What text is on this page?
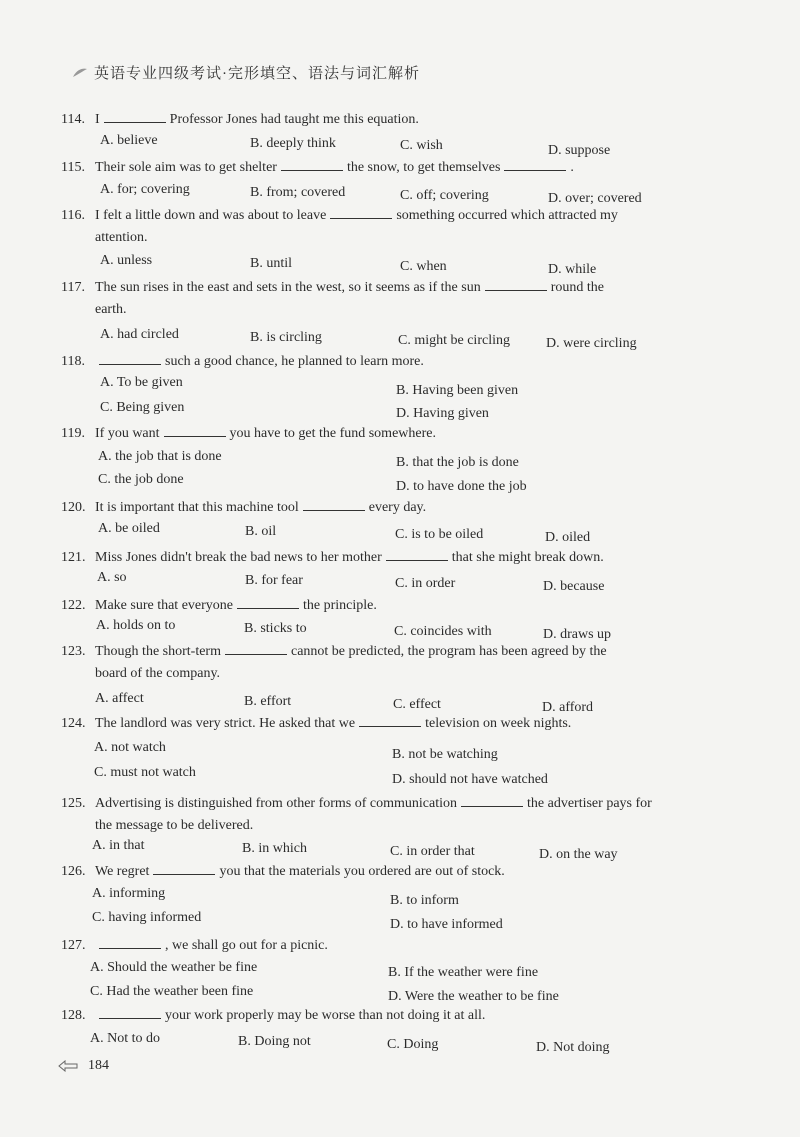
英语专业四级考试·完形填空、语法与词汇解析
114. I	Professor Jones had taught me this equation.
A. believe	B. deeply think	C. wish	D. suppose
115. Their sole aim was to get shelter	the snow, to get themselves	.
A. for; covering	B. from; covered	C. off; covering	D. over; covered
116. I felt a little down and was about to leave	something occurred which attracted my
attention.
A. unless	B. until	C. when	D. while
117. The sun rises in the east and sets in the west, so it seems as if the sun	round the
earth.
A. had circled	B. is circling	C. might be circling	D. were circling
118.	such a good chance, he planned to learn more.
A. To be given
B. Having been given
C. Being given	D. Having given
119. If you want	you have to get the fund somewhere.
A. the job that is done	B. that the job is done
C. the job done	D. to have done the job
120. It is important that this machine tool	every day.
A. be oiled	B. oil	C. is to be oiled	D. oiled
121. Miss Jones didn't break the bad news to her mother	that she might break down.
A. so	B. for fear	C. in order	D. because
122. Make sure that everyone	the principle.
A. holds on to	B. sticks to	C. coincides with	D. draws up
123. Though the short-term	cannot be predicted, the program has been agreed by the
board of the company.
A. affect	B. effort	C. effect	D. afford
124. The landlord was very strict. He asked that we	television on week nights.
A. not watch	B. not be watching
C. must not watch	D. should not have watched
125. Advertising is distinguished from other forms of communication	the advertiser pays for
the message to be delivered.
A. in that	B. in which	C. in order that	D. on the way
126. We regret	you that the materials you ordered are out of stock.
A. informing	B. to inform
C. having informed	D. to have informed
127.	, we shall go out for a picnic.
A. Should the weather be fine	B. If the weather were fine
C. Had the weather been fine	D. Were the weather to be fine
128.	your work properly may be worse than not doing it at all.
A. Not to do	B. Doing not	C. Doing	D. Not doing
184
